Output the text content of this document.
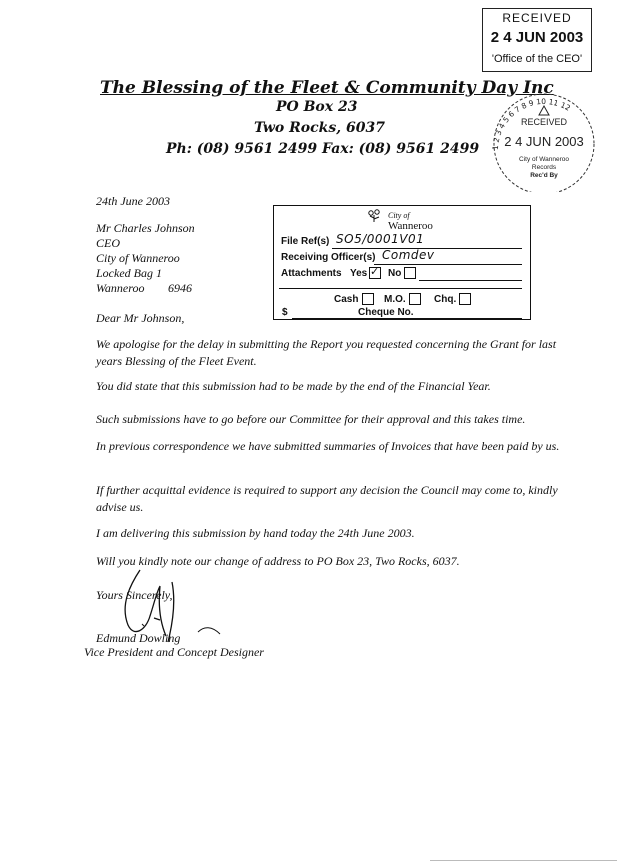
RECEIVED
2 4 JUN 2003
'Office of the CEO'
The Blessing of the Fleet & Community Day Inc
PO Box 23
Two Rocks, 6037
Ph: (08) 9561 2499 Fax: (08) 9561 2499 1 2 3 4 5 6 7 8 9 10 11 12
RECEIVED
2 4 JUN 2003
City of Wanneroo
Records
Rec'd By
24th June 2003
Mr Charles Johnson
CEO
City of Wanneroo
Locked Bag 1
Wanneroo 6946
Dear Mr Johnson,
City of
Wanneroo
File Ref(s) SO5/0001V01
Receiving Officer(s) Comdev
Attachments Yes ✓ No
Cash	M.O.	Chq.
$	Cheque No.
We apologise for the delay in submitting the Report you requested concerning the Grant for last years Blessing of the Fleet Event.
You did state that this submission had to be made by the end of the Financial Year.
Such submissions have to go before our Committee for their approval and this takes time.
In previous correspondence we have submitted summaries of Invoices that have been paid by us.
If further acquittal evidence is required to support any decision the Council may come to, kindly advise us.
I am delivering this submission by hand today the 24th June 2003.
Will you kindly note our change of address to PO Box 23, Two Rocks, 6037.
Yours Sincerely,
Edmund Dowling
Vice President and Concept Designer
